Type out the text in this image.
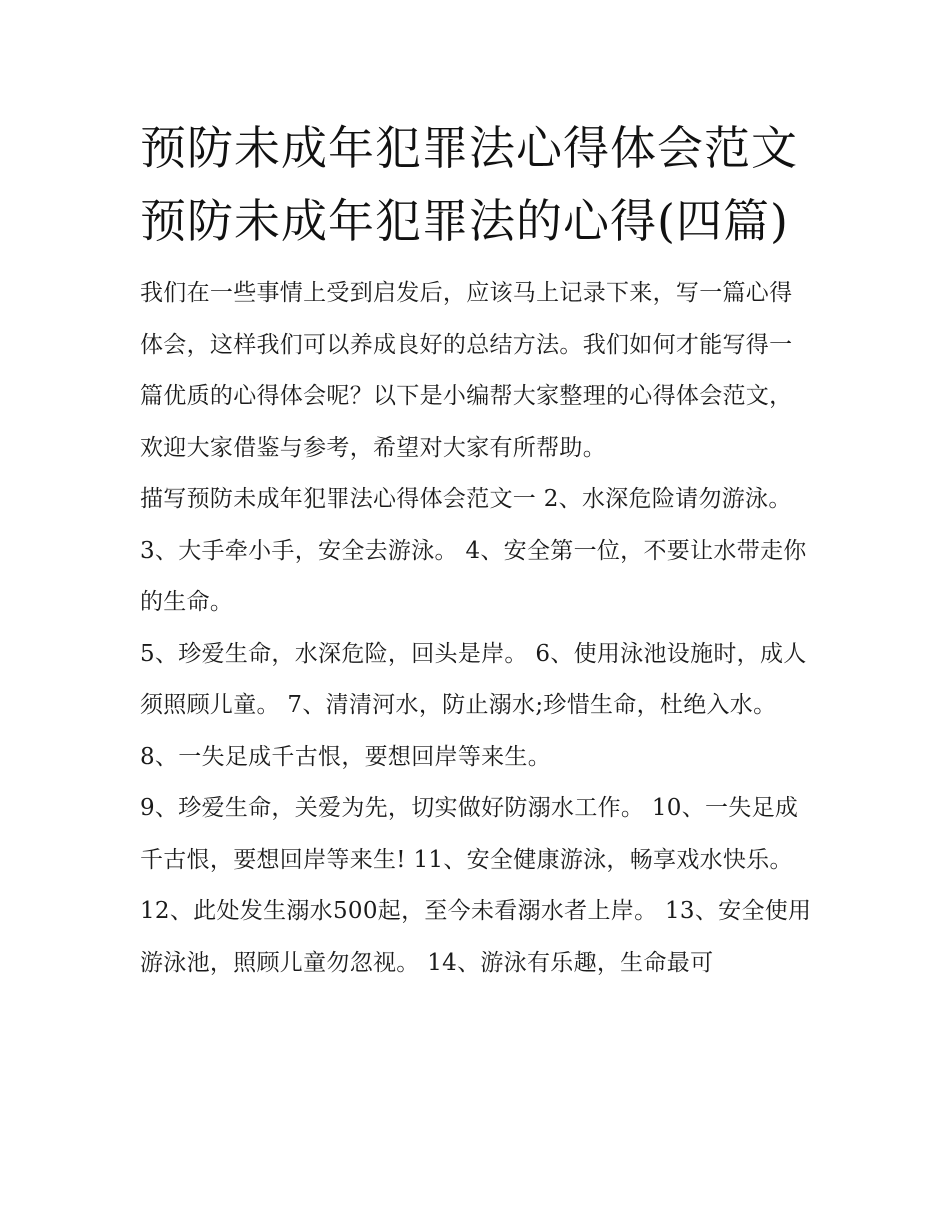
预防未成年犯罪法心得体会范文 预防未成年犯罪法的心得(四篇)

我们在一些事情上受到启发后，应该马上记录下来，写一篇心得体会，这样我们可以养成良好的总结方法。我们如何才能写得一篇优质的心得体会呢？以下是小编帮大家整理的心得体会范文，欢迎大家借鉴与参考，希望对大家有所帮助。

描写预防未成年犯罪法心得体会范文一 2、水深危险请勿游泳。 3、大手牵小手，安全去游泳。 4、安全第一位，不要让水带走你的生命。

5、珍爱生命，水深危险，回头是岸。 6、使用泳池设施时，成人须照顾儿童。 7、清清河水，防止溺水;珍惜生命，杜绝入水。 8、一失足成千古恨，要想回岸等来生。

9、珍爱生命，关爱为先，切实做好防溺水工作。 10、一失足成千古恨，要想回岸等来生! 11、安全健康游泳，畅享戏水快乐。

12、此处发生溺水500起，至今未看溺水者上岸。 13、安全使用游泳池，照顾儿童勿忽视。 14、游泳有乐趣，生命最可
